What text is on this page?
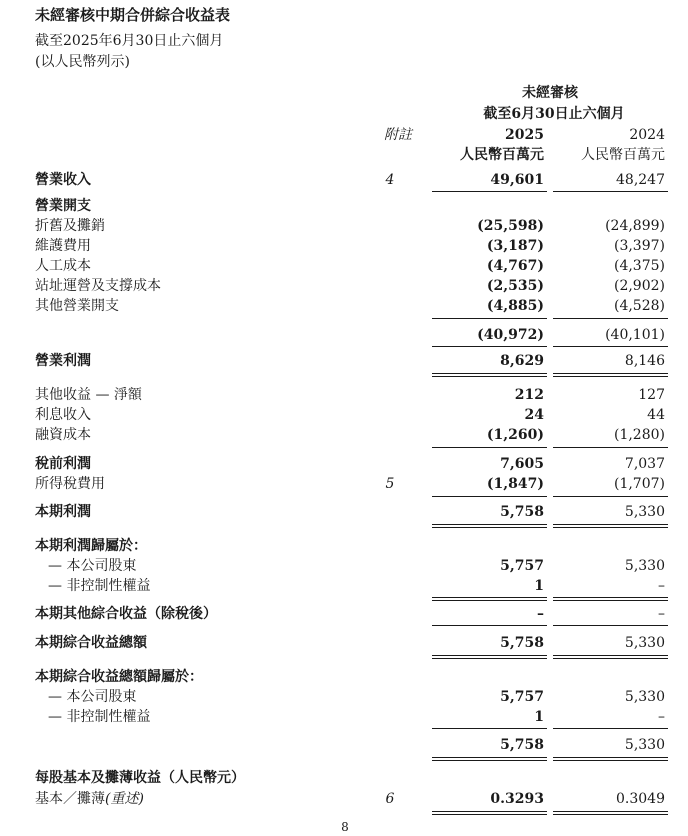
未經審核中期合併綜合收益表
截至2025年6月30日止六個月
(以人民幣列示)
未經審核
截至6月30日止六個月
附註	2025	2024
人民幣百萬元	人民幣百萬元
營業收入	4	49,601	48,247
營業開支
折舊及攤銷	(25,598)	(24,899)
維護費用	(3,187)	(3,397)
人工成本	(4,767)	(4,375)
站址運營及支撐成本	(2,535)	(2,902)
其他營業開支	(4,885)	(4,528)
(40,972)	(40,101)
營業利潤	8,629	8,146
其他收益 — 淨額	212	127
利息收入	24	44
融資成本	(1,260)	(1,280)
稅前利潤	7,605	7,037
所得稅費用	5	(1,847)	(1,707)
本期利潤	5,758	5,330
本期利潤歸屬於：
— 本公司股東	5,757	5,330
— 非控制性權益	1	–
本期其他綜合收益（除稅後）	–	–
本期綜合收益總額	5,758	5,330
本期綜合收益總額歸屬於：
— 本公司股東	5,757	5,330
— 非控制性權益	1	–
5,758	5,330
每股基本及攤薄收益（人民幣元）
基本／攤薄(重述)	6	0.3293	0.3049
8
